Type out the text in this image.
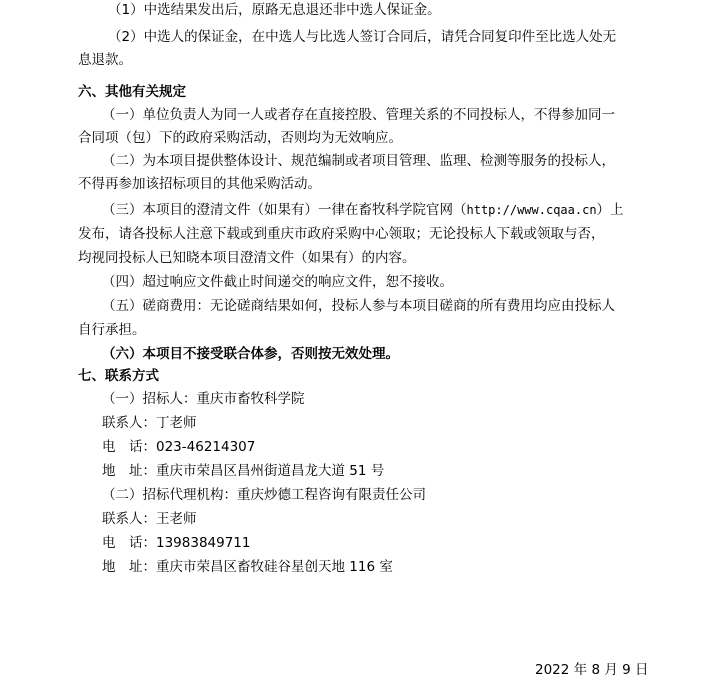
（1）中选结果发出后，原路无息退还非中选人保证金。
（2）中选人的保证金，在中选人与比选人签订合同后，请凭合同复印件至比选人处无
息退款。
六、其他有关规定
（一）单位负责人为同一人或者存在直接控股、管理关系的不同投标人，不得参加同一
合同项（包）下的政府采购活动，否则均为无效响应。
（二）为本项目提供整体设计、规范编制或者项目管理、监理、检测等服务的投标人，
不得再参加该招标项目的其他采购活动。
（三）本项目的澄清文件（如果有）一律在畜牧科学院官网（http://www.cqaa.cn）上
发布，请各投标人注意下载或到重庆市政府采购中心领取；无论投标人下载或领取与否，
均视同投标人已知晓本项目澄清文件（如果有）的内容。
（四）超过响应文件截止时间递交的响应文件，恕不接收。
（五）磋商费用：无论磋商结果如何，投标人参与本项目磋商的所有费用均应由投标人
自行承担。
（六）本项目不接受联合体参，否则按无效处理。
七、联系方式
（一）招标人：重庆市畜牧科学院
联系人：丁老师
电　话：023-46214307
地　址：重庆市荣昌区昌州街道昌龙大道 51 号
（二）招标代理机构：重庆炒德工程咨询有限责任公司
联系人：王老师
电　话：13983849711
地　址：重庆市荣昌区畜牧硅谷星创天地 116 室
2022 年 8 月 9 日
